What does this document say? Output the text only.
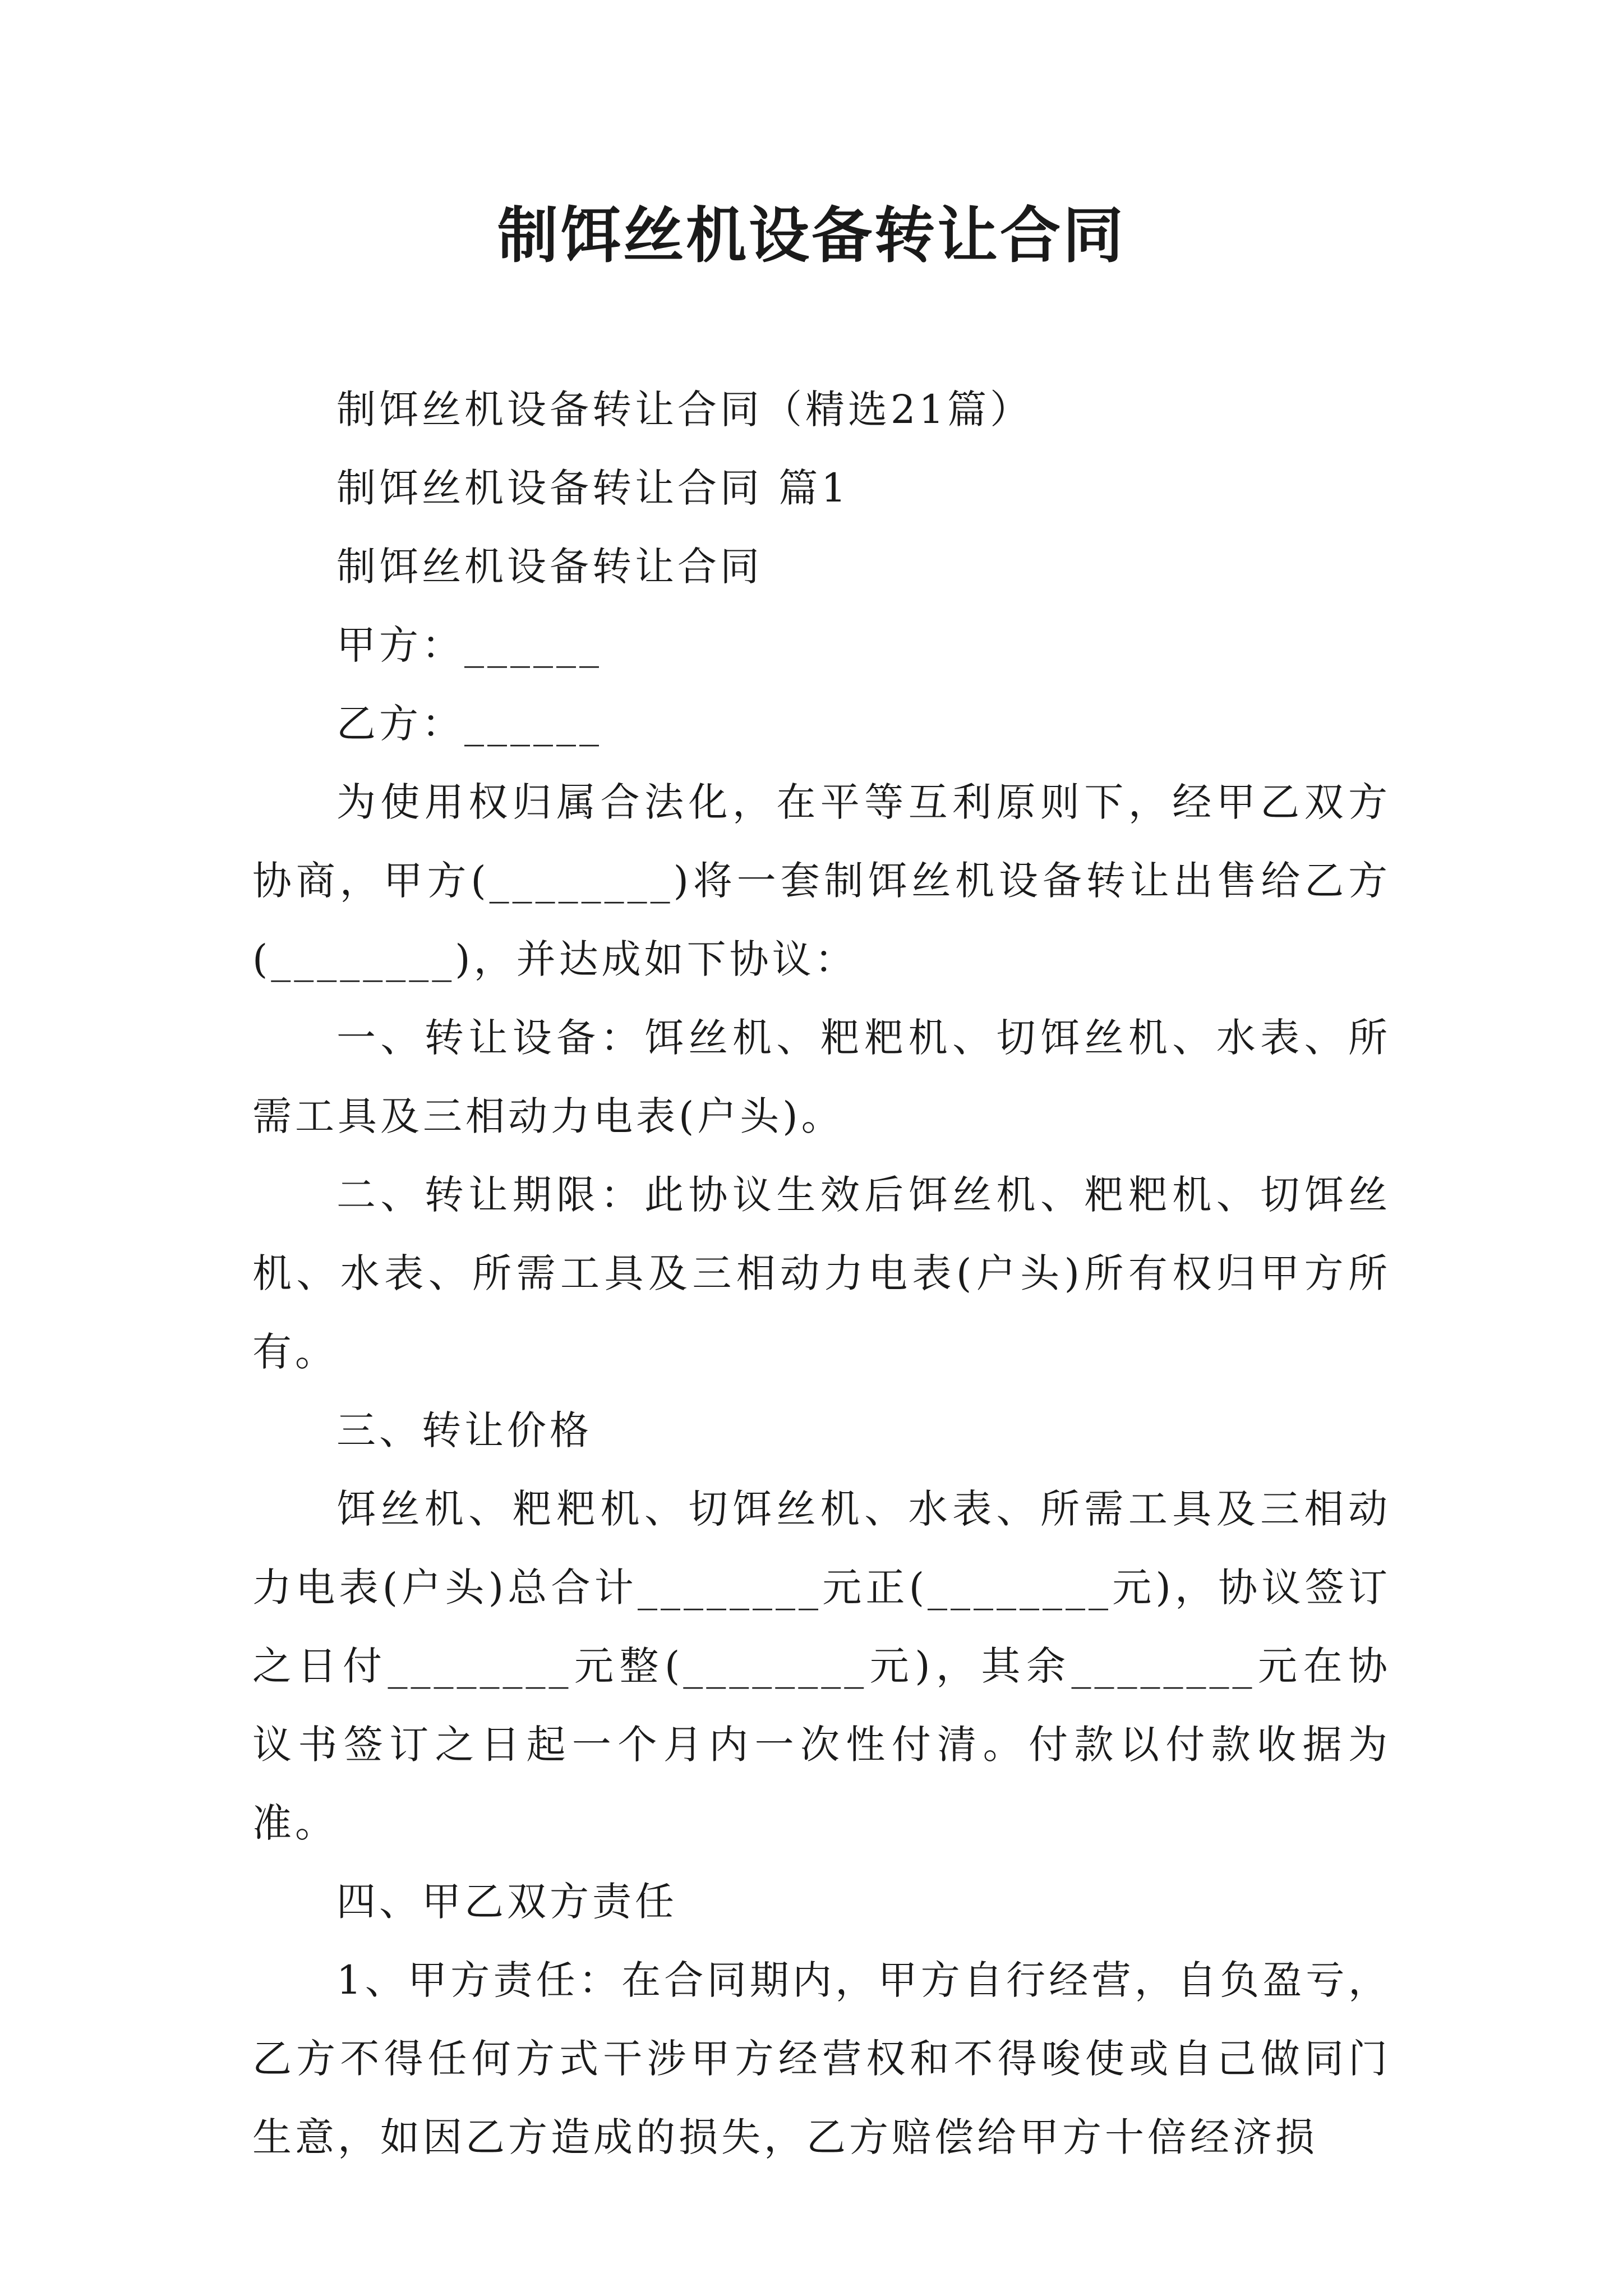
制饵丝机设备转让合同

制饵丝机设备转让合同（精选21篇）

制饵丝机设备转让合同 篇1

制饵丝机设备转让合同

甲方：______

乙方：______

为使用权归属合法化，在平等互利原则下，经甲乙双方协商，甲方(________)将一套制饵丝机设备转让出售给乙方(________)，并达成如下协议：

一、转让设备：饵丝机、粑粑机、切饵丝机、水表、所需工具及三相动力电表(户头)。

二、转让期限：此协议生效后饵丝机、粑粑机、切饵丝机、水表、所需工具及三相动力电表(户头)所有权归甲方所有。

三、转让价格

饵丝机、粑粑机、切饵丝机、水表、所需工具及三相动力电表(户头)总合计________元正(________元)，协议签订之日付________元整(________元)，其余________元在协议书签订之日起一个月内一次性付清。付款以付款收据为准。

四、甲乙双方责任

1、甲方责任：在合同期内，甲方自行经营，自负盈亏，乙方不得任何方式干涉甲方经营权和不得唆使或自己做同门生意，如因乙方造成的损失，乙方赔偿给甲方十倍经济损
